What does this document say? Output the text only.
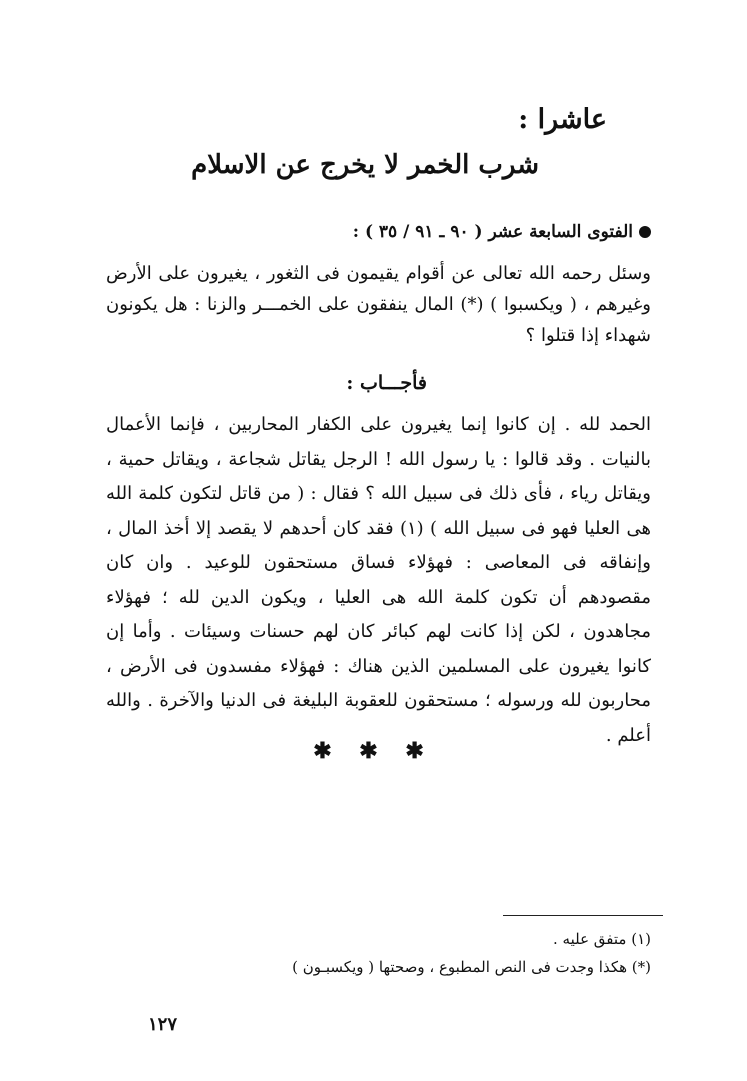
عاشرا :
شرب الخمر لا يخرج عن الاسلام
الفتوى السابعة عشر ( ٩٠ ـ ٩١ / ٣٥ ) :
وسئل رحمه الله تعالى عن أقوام يقيمون فى الثغور ، يغيرون على الأرض وغيرهم ، ( ويكسبوا ) (*) المال ينفقون على الخمـــر والزنا : هل يكونون شهداء إذا قتلوا ؟
فأجـــاب :
الحمد لله . إن كانوا إنما يغيرون على الكفار المحاربين ، فإنما الأعمال بالنيات . وقد قالوا : يا رسول الله ! الرجل يقاتل شجاعة ، ويقاتل حمية ، ويقاتل رياء ، فأى ذلك فى سبيل الله ؟ فقال : ( من قاتل لتكون كلمة الله هى العليا فهو فى سبيل الله ) (١) فقد كان أحدهم لا يقصد إلا أخذ المال ، وإنفاقه فى المعاصى : فهؤلاء فساق مستحقون للوعيد . وان كان مقصودهم أن تكون كلمة الله هى العليا ، ويكون الدين لله ؛ فهؤلاء مجاهدون ، لكن إذا كانت لهم كبائر كان لهم حسنات وسيئات . وأما إن كانوا يغيرون على المسلمين الذين هناك : فهؤلاء مفسدون فى الأرض ، محاربون لله ورسوله ؛ مستحقون للعقوبة البليغة فى الدنيا والآخرة . والله أعلم .
✱ ✱ ✱
(١) متفق عليه .
(*) هكذا وجدت فى النص المطبوع ، وصحتها ( ويكسبـون )
١٢٧
